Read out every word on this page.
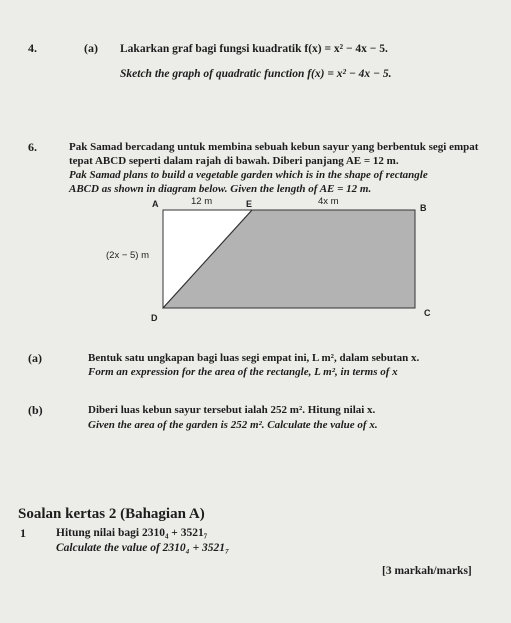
4.	(a) Lakarkan graf bagi fungsi kuadratik f(x) = x² − 4x − 5.
Sketch the graph of quadratic function f(x) = x² − 4x − 5.
6.	Pak Samad bercadang untuk membina sebuah kebun sayur yang berbentuk segi empat
tepat ABCD seperti dalam rajah di bawah. Diberi panjang AE = 12 m.
Pak Samad plans to build a vegetable garden which is in the shape of rectangle
ABCD as shown in diagram below. Given the length of AE = 12 m.
A	12 m	E	4x m
B
(2x − 5) m
D	C
(a)	Bentuk satu ungkapan bagi luas segi empat ini, L m², dalam sebutan x.
Form an expression for the area of the rectangle, L m², in terms of x
(b)	Diberi luas kebun sayur tersebut ialah 252 m². Hitung nilai x.
Given the area of the garden is 252 m². Calculate the value of x.
Soalan kertas 2 (Bahagian A)
1	Hitung nilai bagi 2310₄ + 3521₇
Calculate the value of 2310₄ + 3521₇
[3 markah/marks]
